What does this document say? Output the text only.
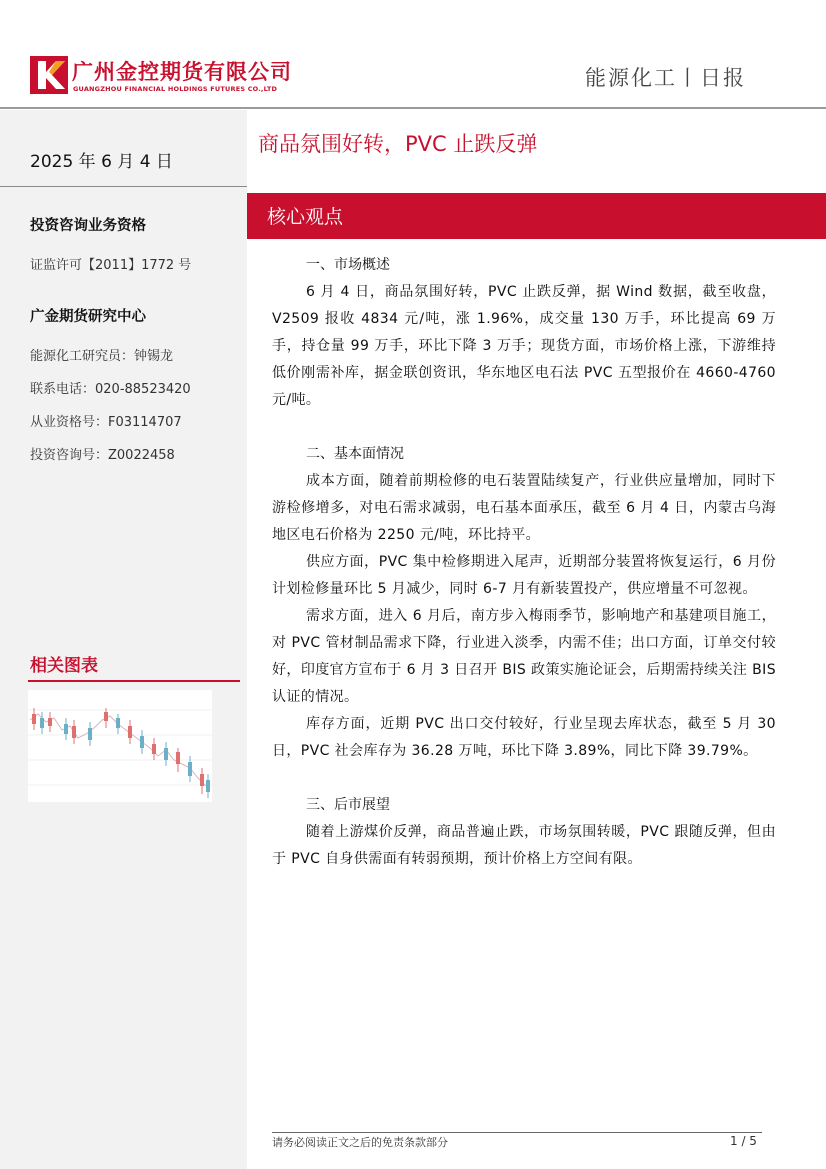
广州金控期货有限公司
GUANGZHOU FINANCIAL HOLDINGS FUTURES CO.,LTD	能源化工丨日报
2025 年 6 月 4 日
投资咨询业务资格
证监许可【2011】1772 号
广金期货研究中心
能源化工研究员：钟锡龙
联系电话：020-88523420
从业资格号：F03114707
投资咨询号：Z0022458
相关图表
商品氛围好转，PVC 止跌反弹
核心观点

一、市场概述

6 月 4 日，商品氛围好转，PVC 止跌反弹，据 Wind 数据，截至收盘，V2509 报收 4834 元/吨，涨 1.96%，成交量 130 万手，环比提高 69 万手，持仓量 99 万手，环比下降 3 万手；现货方面，市场价格上涨，下游维持低价刚需补库，据金联创资讯，华东地区电石法 PVC 五型报价在 4660-4760 元/吨。

二、基本面情况

成本方面，随着前期检修的电石装置陆续复产，行业供应量增加，同时下游检修增多，对电石需求减弱，电石基本面承压，截至 6 月 4 日，内蒙古乌海地区电石价格为 2250 元/吨，环比持平。

供应方面，PVC 集中检修期进入尾声，近期部分装置将恢复运行，6 月份计划检修量环比 5 月减少，同时 6-7 月有新装置投产，供应增量不可忽视。

需求方面，进入 6 月后，南方步入梅雨季节，影响地产和基建项目施工，对 PVC 管材制品需求下降，行业进入淡季，内需不佳；出口方面，订单交付较好，印度官方宣布于 6 月 3 日召开 BIS 政策实施论证会，后期需持续关注 BIS 认证的情况。

库存方面，近期 PVC 出口交付较好，行业呈现去库状态，截至 5 月 30 日，PVC 社会库存为 36.28 万吨，环比下降 3.89%，同比下降 39.79%。

三、后市展望

随着上游煤价反弹，商品普遍止跌，市场氛围转暖，PVC 跟随反弹，但由于 PVC 自身供需面有转弱预期，预计价格上方空间有限。

请务必阅读正文之后的免责条款部分	1 / 5
